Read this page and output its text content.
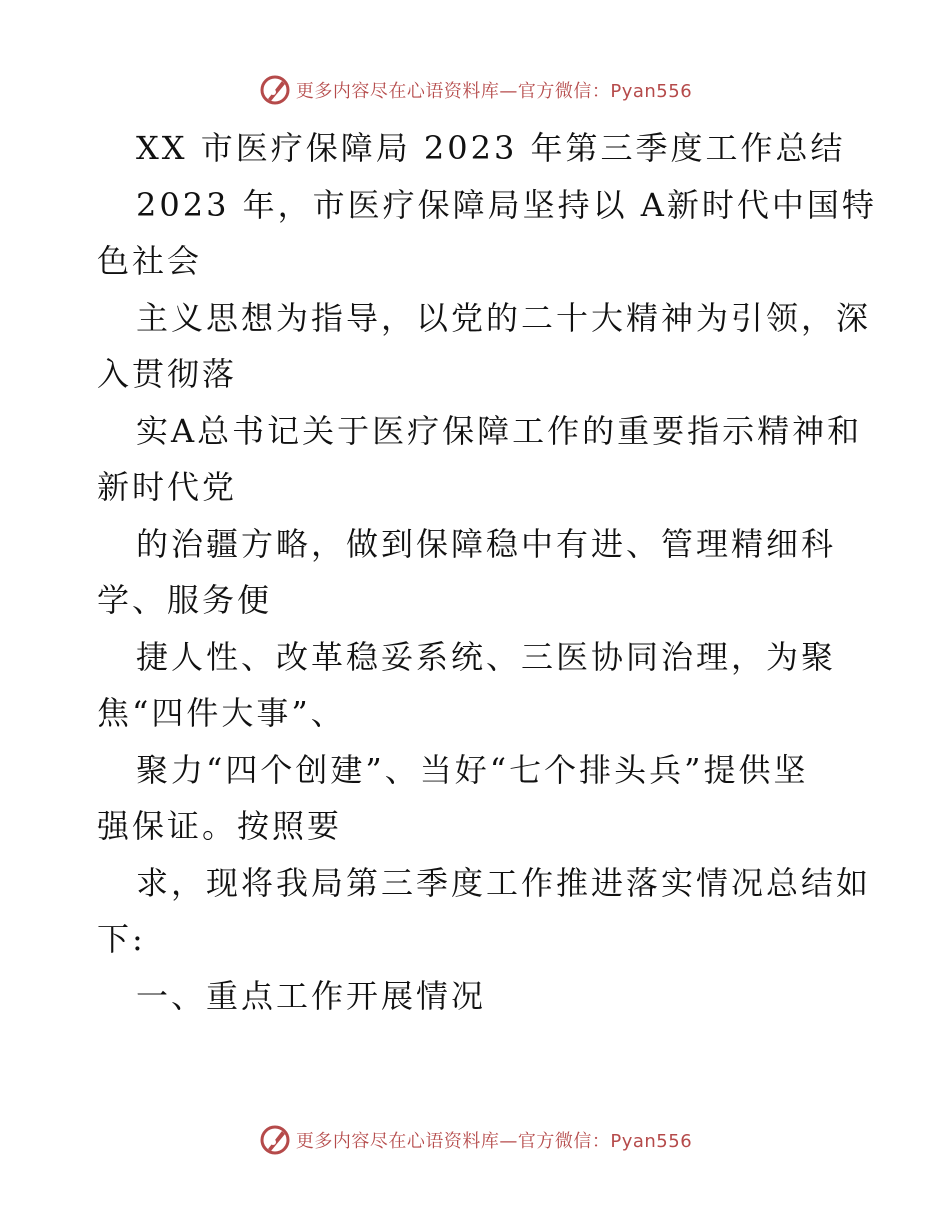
更多内容尽在心语资料库—官方微信：Pyan556
XX 市医疗保障局 2023 年第三季度工作总结
2023 年，市医疗保障局坚持以 A新时代中国特
色社会
主义思想为指导，以党的二十大精神为引领，深
入贯彻落
实A总书记关于医疗保障工作的重要指示精神和
新时代党
的治疆方略，做到保障稳中有进、管理精细科
学、服务便
捷人性、改革稳妥系统、三医协同治理，为聚
焦“四件大事”、
聚力“四个创建”、当好“七个排头兵”提供坚
强保证。按照要
求，现将我局第三季度工作推进落实情况总结如
下:
一、重点工作开展情况
更多内容尽在心语资料库—官方微信：Pyan556
